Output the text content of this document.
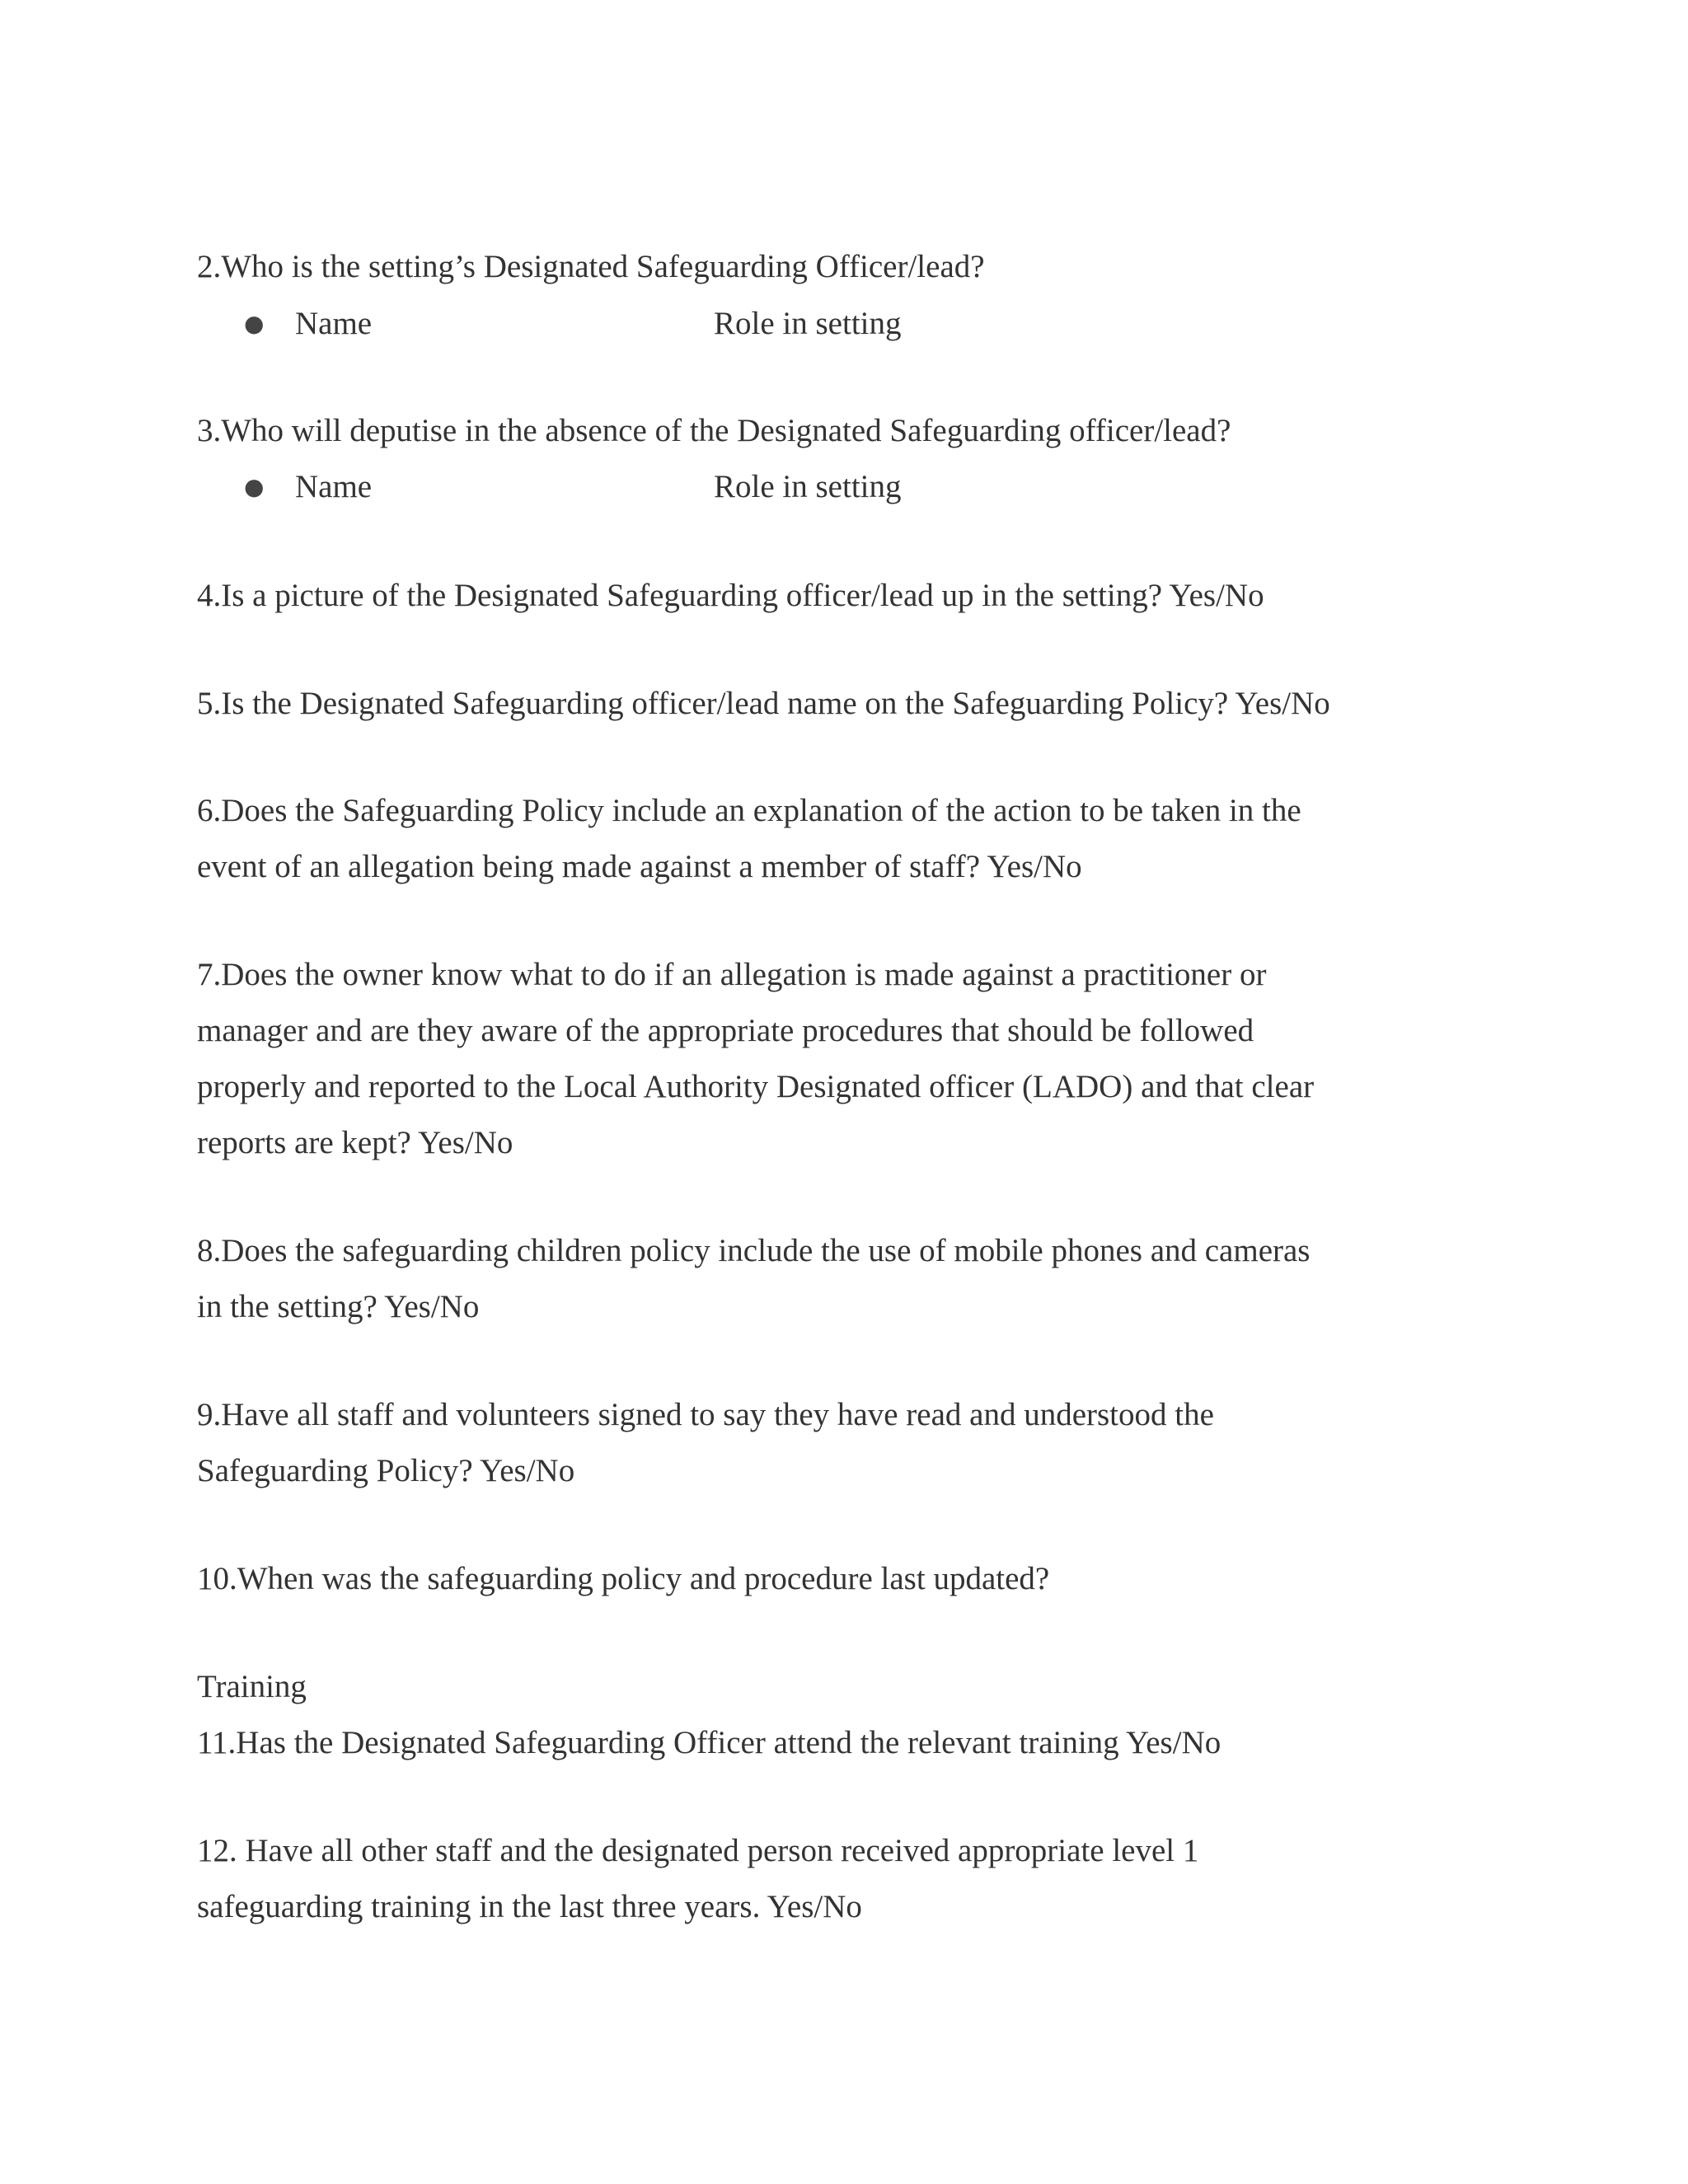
2.Who is the setting’s Designated Safeguarding Officer/lead?

● Name	Role in setting

3.Who will deputise in the absence of the Designated Safeguarding officer/lead?

● Name	Role in setting

4.Is a picture of the Designated Safeguarding officer/lead up in the setting? Yes/No

5.Is the Designated Safeguarding officer/lead name on the Safeguarding Policy? Yes/No

6.Does the Safeguarding Policy include an explanation of the action to be taken in the
event of an allegation being made against a member of staff? Yes/No

7.Does the owner know what to do if an allegation is made against a practitioner or
manager and are they aware of the appropriate procedures that should be followed
properly and reported to the Local Authority Designated officer (LADO) and that clear
reports are kept? Yes/No

8.Does the safeguarding children policy include the use of mobile phones and cameras
in the setting? Yes/No

9.Have all staff and volunteers signed to say they have read and understood the
Safeguarding Policy? Yes/No

10.When was the safeguarding policy and procedure last updated?

Training

11.Has the Designated Safeguarding Officer attend the relevant training Yes/No

12. Have all other staff and the designated person received appropriate level 1
safeguarding training in the last three years. Yes/No
